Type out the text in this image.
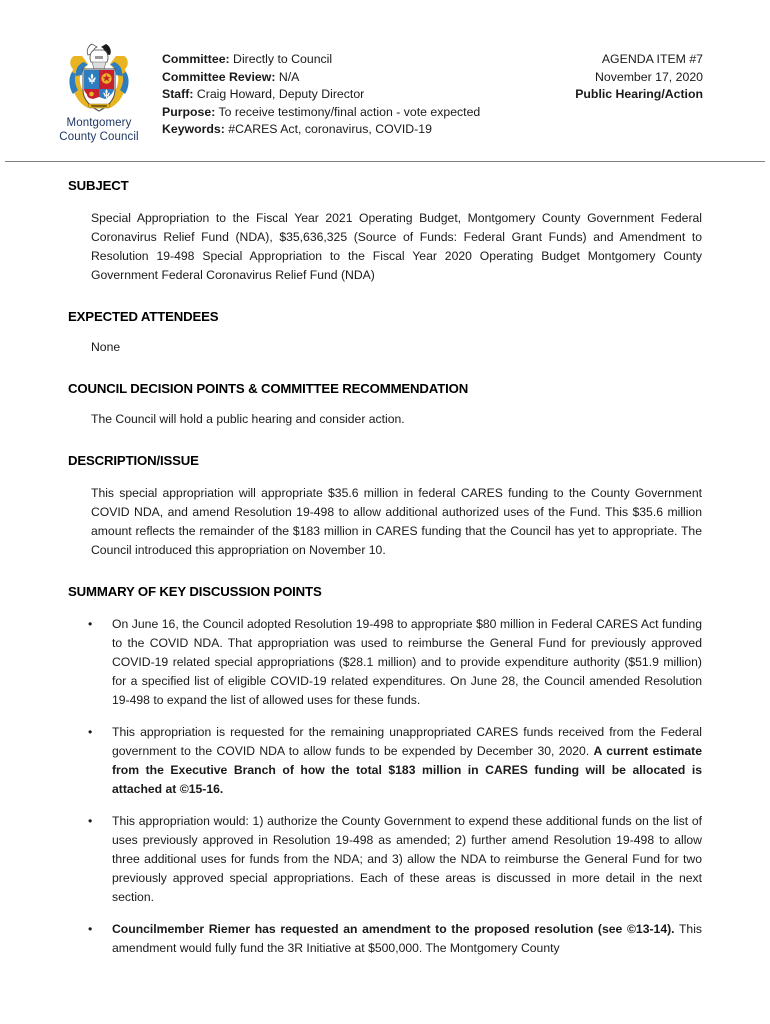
Montgomery
County Council
Committee: Directly to Council
Committee Review: N/A
Staff: Craig Howard, Deputy Director
Purpose: To receive testimony/final action - vote expected
Keywords: #CARES Act, coronavirus, COVID-19
AGENDA ITEM #7
November 17, 2020
Public Hearing/Action
SUBJECT
Special Appropriation to the Fiscal Year 2021 Operating Budget, Montgomery County Government Federal Coronavirus Relief Fund (NDA), $35,636,325 (Source of Funds: Federal Grant Funds) and Amendment to Resolution 19-498 Special Appropriation to the Fiscal Year 2020 Operating Budget Montgomery County Government Federal Coronavirus Relief Fund (NDA)
EXPECTED ATTENDEES
None
COUNCIL DECISION POINTS & COMMITTEE RECOMMENDATION
The Council will hold a public hearing and consider action.
DESCRIPTION/ISSUE
This special appropriation will appropriate $35.6 million in federal CARES funding to the County Government COVID NDA, and amend Resolution 19-498 to allow additional authorized uses of the Fund. This $35.6 million amount reflects the remainder of the $183 million in CARES funding that the Council has yet to appropriate. The Council introduced this appropriation on November 10.
SUMMARY OF KEY DISCUSSION POINTS
• On June 16, the Council adopted Resolution 19-498 to appropriate $80 million in Federal CARES Act funding to the COVID NDA. That appropriation was used to reimburse the General Fund for previously approved COVID-19 related special appropriations ($28.1 million) and to provide expenditure authority ($51.9 million) for a specified list of eligible COVID-19 related expenditures. On June 28, the Council amended Resolution 19-498 to expand the list of allowed uses for these funds.
• This appropriation is requested for the remaining unappropriated CARES funds received from the Federal government to the COVID NDA to allow funds to be expended by December 30, 2020. A current estimate from the Executive Branch of how the total $183 million in CARES funding will be allocated is attached at ©15-16.
• This appropriation would: 1) authorize the County Government to expend these additional funds on the list of uses previously approved in Resolution 19-498 as amended; 2) further amend Resolution 19-498 to allow three additional uses for funds from the NDA; and 3) allow the NDA to reimburse the General Fund for two previously approved special appropriations. Each of these areas is discussed in more detail in the next section.
• Councilmember Riemer has requested an amendment to the proposed resolution (see ©13-14). This amendment would fully fund the 3R Initiative at $500,000. The Montgomery County
